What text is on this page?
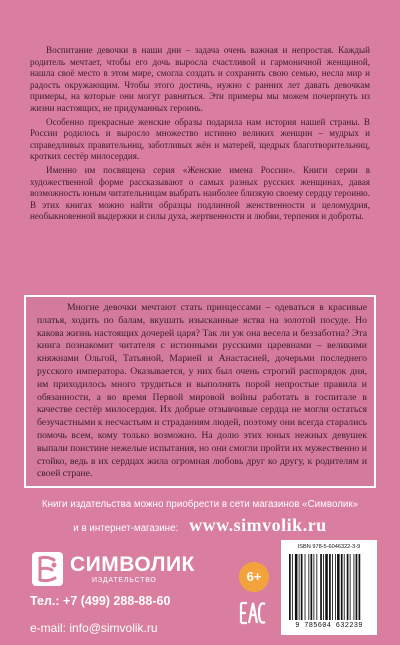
Воспитание девочки в наши дни – задача очень важная и непростая. Каждый родитель мечтает, чтобы его дочь выросла счастливой и гармоничной женщиной, нашла своё место в этом мире, смогла создать и сохранить свою семью, несла мир и радость окружающим. Чтобы этого достичь, нужно с ранних лет давать девочкам примеры, на которые они могут равняться. Эти примеры мы можем почерпнуть из жизни настоящих, не придуманных героинь.

Особенно прекрасные женские образы подарила нам история нашей страны. В России родилось и выросло множество истинно великих женщин – мудрых и справедливых правительниц, заботливых жён и матерей, щедрых благотворительниц, кротких сестёр милосердия.

Именно им посвящена серия «Женские имена России». Книги серии в художественной форме рассказывают о самых разных русских женщинах, давая возможность юным читательницам выбрать наиболее близкую своему сердцу героиню. В этих книгах можно найти образцы подлинной женственности и целомудрия, необыкновенной выдержки и силы духа, жертвенности и любви, терпения и доброты.

Многие девочки мечтают стать принцессами – одеваться в красивые платья, ходить по балам, вкушать изысканные яства на золотой посуде. Но какова жизнь настоящих дочерей царя? Так ли уж она весела и беззаботна? Эта книга познакомит читателя с истинными русскими царевнами – великими княжнами Ольгой, Татьяной, Марией и Анастасией, дочерьми последнего русского императора. Оказывается, у них был очень строгий распорядок дня, им приходилось много трудиться и выполнять порой непростые правила и обязанности, а во время Первой мировой войны работать в госпитале в качестве сестёр милосердия. Их добрые отзывчивые сердца не могли остаться безучастными к несчастьям и страданиям людей, поэтому они всегда старались помочь всем, кому только возможно. На долю этих юных нежных девушек выпали поистине нежелые испытания, но они смогли пройти их мужественно и стойко, ведь в их сердцах жила огромная любовь друг ко другу, к родителям и своей стране.

Книги издательства можно приобрести в сети магазинов «Символик»
и в интернет-магазине: www.simvolik.ru
СИМВОЛИК
ИЗДАТЕЛЬСТВО
Тел.: +7 (499) 288-88-60
e-mail: info@simvolik.ru
6+
ISBN 978-5-6046322-3-9
9 785604 632239
